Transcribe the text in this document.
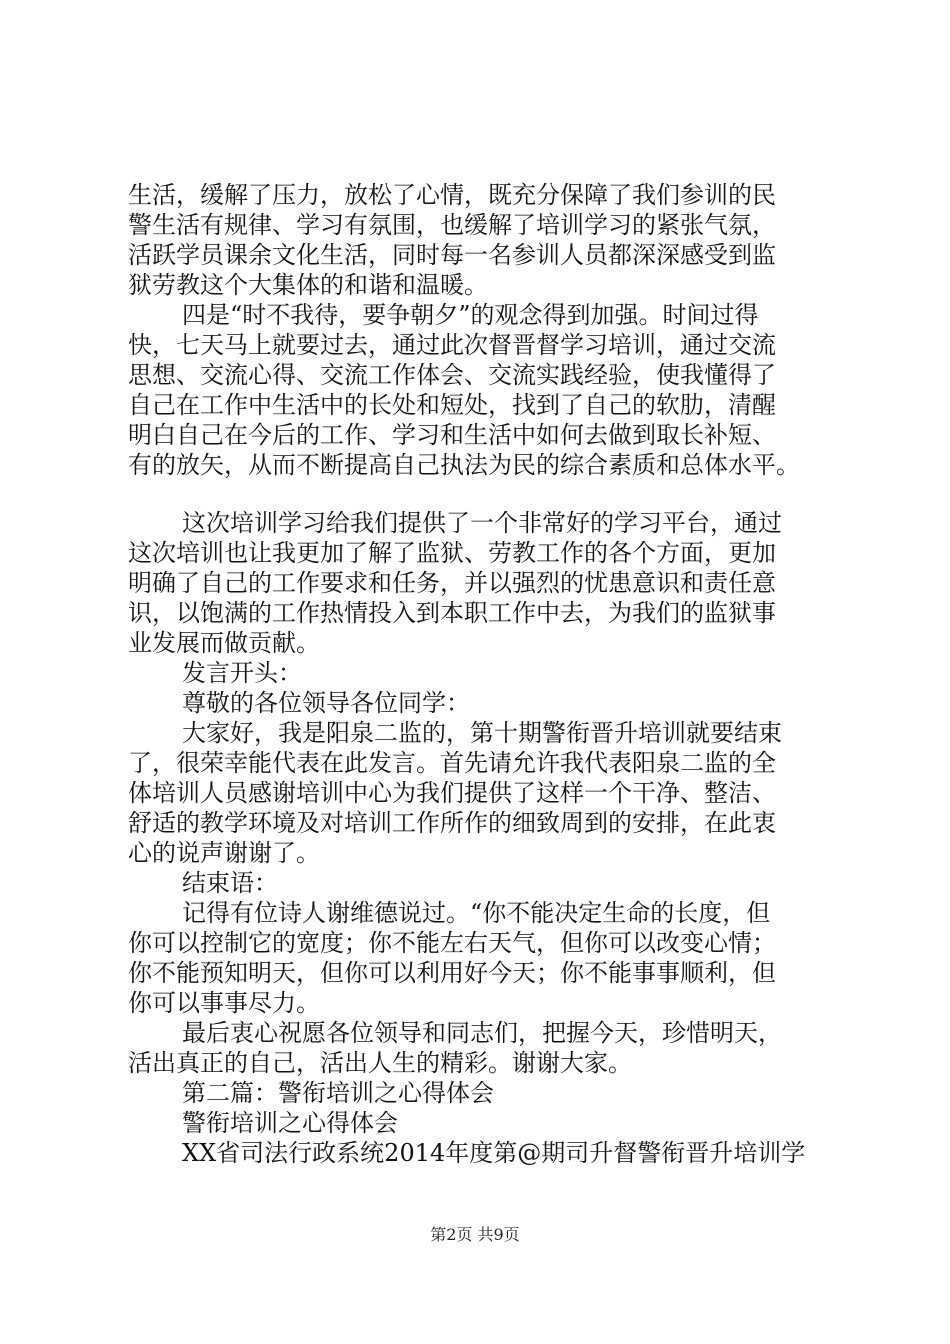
生活，缓解了压力，放松了心情，既充分保障了我们参训的民
警生活有规律、学习有氛围，也缓解了培训学习的紧张气氛，
活跃学员课余文化生活，同时每一名参训人员都深深感受到监
狱劳教这个大集体的和谐和温暖。
四是“时不我待，要争朝夕”的观念得到加强。时间过得
快，七天马上就要过去，通过此次督晋督学习培训，通过交流
思想、交流心得、交流工作体会、交流实践经验，使我懂得了
自己在工作中生活中的长处和短处，找到了自己的软肋，清醒
明白自己在今后的工作、学习和生活中如何去做到取长补短、
有的放矢，从而不断提高自己执法为民的综合素质和总体水平。
这次培训学习给我们提供了一个非常好的学习平台，通过
这次培训也让我更加了解了监狱、劳教工作的各个方面，更加
明确了自己的工作要求和任务，并以强烈的忧患意识和责任意
识，以饱满的工作热情投入到本职工作中去，为我们的监狱事
业发展而做贡献。
发言开头：
尊敬的各位领导各位同学：
大家好，我是阳泉二监的，第十期警衔晋升培训就要结束
了，很荣幸能代表在此发言。首先请允许我代表阳泉二监的全
体培训人员感谢培训中心为我们提供了这样一个干净、整洁、
舒适的教学环境及对培训工作所作的细致周到的安排，在此衷
心的说声谢谢了。
结束语：
记得有位诗人谢维德说过。“你不能决定生命的长度，但
你可以控制它的宽度；你不能左右天气，但你可以改变心情；
你不能预知明天，但你可以利用好今天；你不能事事顺利，但
你可以事事尽力。
最后衷心祝愿各位领导和同志们，把握今天，珍惜明天，
活出真正的自己，活出人生的精彩。谢谢大家。
第二篇：警衔培训之心得体会
警衔培训之心得体会
XX省司法行政系统2014年度第@期司升督警衔晋升培训学
第2页 共9页
